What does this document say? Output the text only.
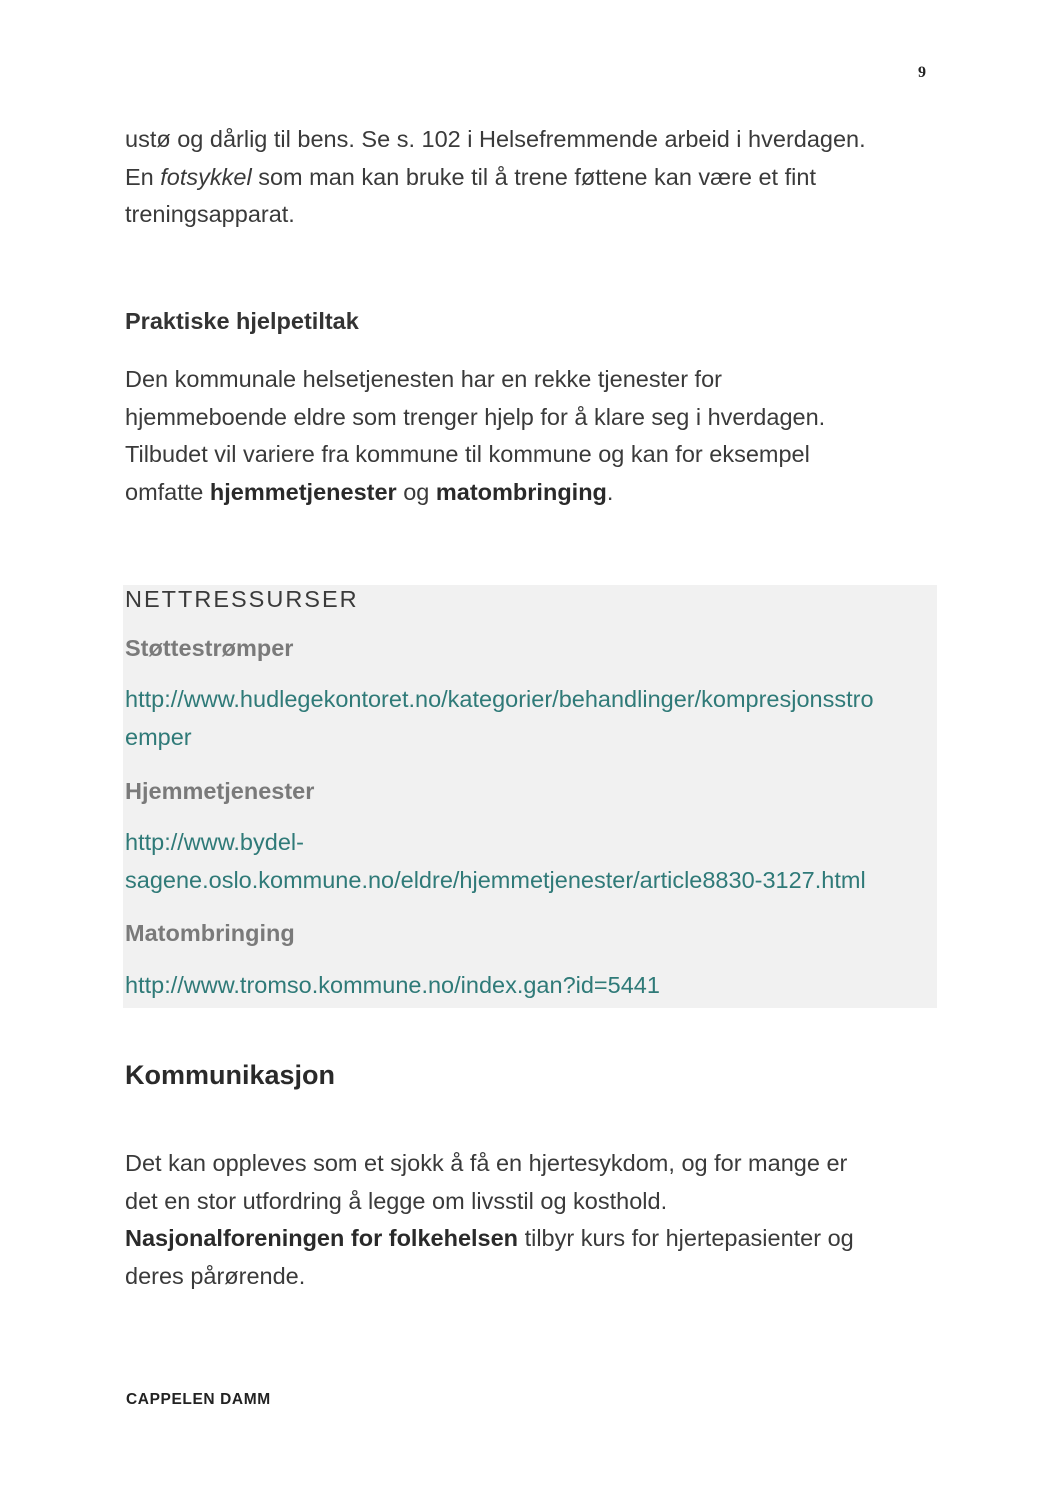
9

ustø og dårlig til bens. Se s. 102 i Helsefremmende arbeid i hverdagen.
En fotsykkel som man kan bruke til å trene føttene kan være et fint
treningsapparat.

Praktiske hjelpetiltak

Den kommunale helsetjenesten har en rekke tjenester for
hjemmeboende eldre som trenger hjelp for å klare seg i hverdagen.
Tilbudet vil variere fra kommune til kommune og kan for eksempel
omfatte hjemmetjenester og matombringing.

NETTRESSURSER

Støttestrømper

http://www.hudlegekontoret.no/kategorier/behandlinger/kompresjonsstro
emper

Hjemmetjenester

http://www.bydel-
sagene.oslo.kommune.no/eldre/hjemmetjenester/article8830-3127.html

Matombringing

http://www.tromso.kommune.no/index.gan?id=5441

Kommunikasjon

Det kan oppleves som et sjokk å få en hjertesykdom, og for mange er
det en stor utfordring å legge om livsstil og kosthold.
Nasjonalforeningen for folkehelsen tilbyr kurs for hjertepasienter og
deres pårørende.

CAPPELEN DAMM
